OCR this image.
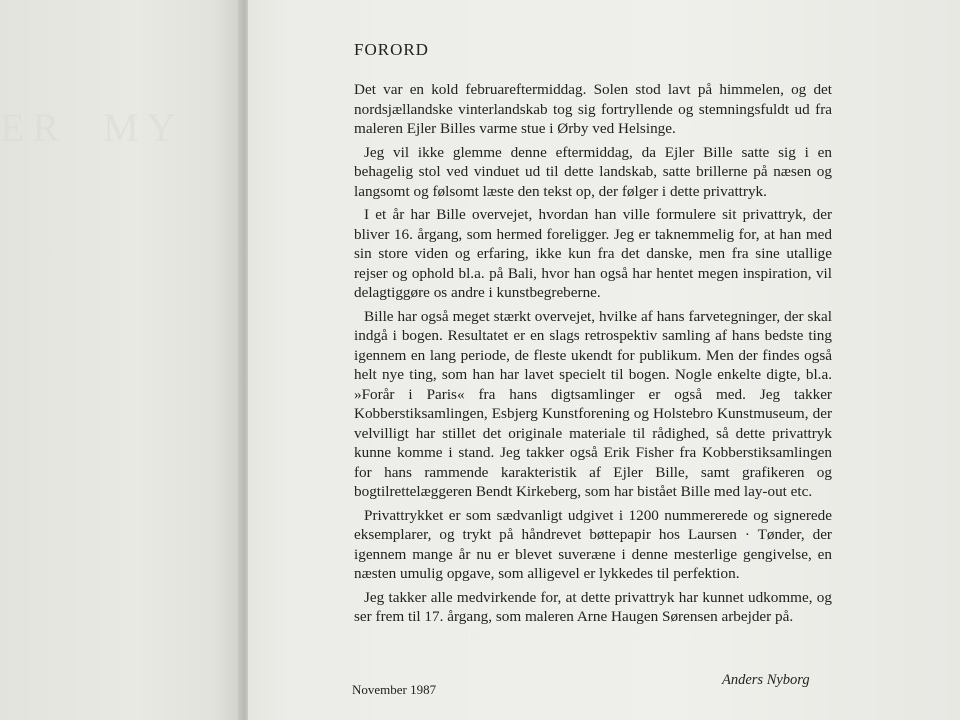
ER  MY
FORORD

Det var en kold februareftermiddag. Solen stod lavt på himmelen, og det nordsjællandske vinterlandskab tog sig fortryllende og stemningsfuldt ud fra maleren Ejler Billes varme stue i Ørby ved Helsinge.

Jeg vil ikke glemme denne eftermiddag, da Ejler Bille satte sig i en behagelig stol ved vinduet ud til dette landskab, satte brillerne på næsen og langsomt og følsomt læste den tekst op, der følger i dette privattryk.

I et år har Bille overvejet, hvordan han ville formulere sit privattryk, der bliver 16. årgang, som hermed foreligger. Jeg er taknemmelig for, at han med sin store viden og erfaring, ikke kun fra det danske, men fra sine utallige rejser og ophold bl.a. på Bali, hvor han også har hentet megen inspiration, vil delagtiggøre os andre i kunstbegreberne.

Bille har også meget stærkt overvejet, hvilke af hans farvetegninger, der skal indgå i bogen. Resultatet er en slags retrospektiv samling af hans bedste ting igennem en lang periode, de fleste ukendt for publikum. Men der findes også helt nye ting, som han har lavet specielt til bogen. Nogle enkelte digte, bl.a. »Forår i Paris« fra hans digtsamlinger er også med. Jeg takker Kobberstiksamlingen, Esbjerg Kunstforening og Holstebro Kunstmuseum, der velvilligt har stillet det originale materiale til rådighed, så dette privattryk kunne komme i stand. Jeg takker også Erik Fisher fra Kobberstiksamlingen for hans rammende karakteristik af Ejler Bille, samt grafikeren og bogtilrettelæggeren Bendt Kirkeberg, som har bistået Bille med lay-out etc.

Privattrykket er som sædvanligt udgivet i 1200 nummererede og signerede eksemplarer, og trykt på håndrevet bøttepapir hos Laursen · Tønder, der igennem mange år nu er blevet suveræne i denne mesterlige gengivelse, en næsten umulig opgave, som alligevel er lykkedes til perfektion.

Jeg takker alle medvirkende for, at dette privattryk har kunnet udkomme, og ser frem til 17. årgang, som maleren Arne Haugen Sørensen arbejder på.

November 1987
Anders Nyborg
